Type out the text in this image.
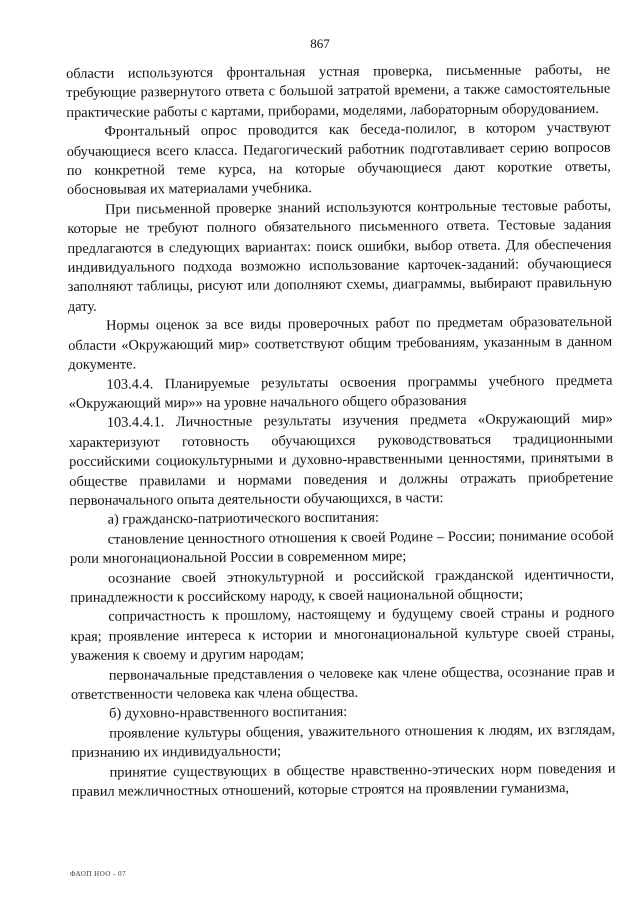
867

области используются фронтальная устная проверка, письменные работы, не требующие развернутого ответа с большой затратой времени, а также самостоятельные практические работы с картами, приборами, моделями, лабораторным оборудованием.

Фронтальный опрос проводится как беседа-полилог, в котором участвуют обучающиеся всего класса. Педагогический работник подготавливает серию вопросов по конкретной теме курса, на которые обучающиеся дают короткие ответы, обосновывая их материалами учебника.

При письменной проверке знаний используются контрольные тестовые работы, которые не требуют полного обязательного письменного ответа. Тестовые задания предлагаются в следующих вариантах: поиск ошибки, выбор ответа. Для обеспечения индивидуального подхода возможно использование карточек-заданий: обучающиеся заполняют таблицы, рисуют или дополняют схемы, диаграммы, выбирают правильную дату.

Нормы оценок за все виды проверочных работ по предметам образовательной области «Окружающий мир» соответствуют общим требованиям, указанным в данном документе.

103.4.4. Планируемые результаты освоения программы учебного предмета «Окружающий мир»» на уровне начального общего образования

103.4.4.1. Личностные результаты изучения предмета «Окружающий мир» характеризуют готовность обучающихся руководствоваться традиционными российскими социокультурными и духовно-нравственными ценностями, принятыми в обществе правилами и нормами поведения и должны отражать приобретение первоначального опыта деятельности обучающихся, в части:

а) гражданско-патриотического воспитания:

становление ценностного отношения к своей Родине – России; понимание особой роли многонациональной России в современном мире;

осознание своей этнокультурной и российской гражданской идентичности, принадлежности к российскому народу, к своей национальной общности;

сопричастность к прошлому, настоящему и будущему своей страны и родного края; проявление интереса к истории и многонациональной культуре своей страны, уважения к своему и другим народам;

первоначальные представления о человеке как члене общества, осознание прав и ответственности человека как члена общества.

б) духовно-нравственного воспитания:

проявление культуры общения, уважительного отношения к людям, их взглядам, признанию их индивидуальности;

принятие существующих в обществе нравственно-этических норм поведения и правил межличностных отношений, которые строятся на проявлении гуманизма,

ФАОП НОО - 07
